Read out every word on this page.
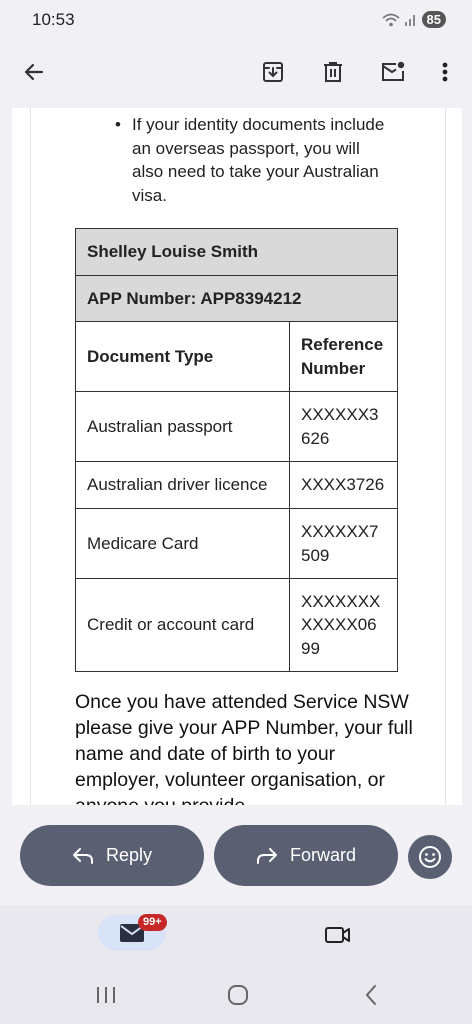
10:53	85
• If your identity documents include an overseas passport, you will also need to take your Australian visa.
Shelley Louise Smith	
APP Number: APP8394212	
Document Type	Reference
Number

Australian passport	XXXXXX3
626

Australian driver licence	XXXX3726

Medicare Card	XXXXXX7
509

Credit or account card	XXXXXXX
XXXXX06
99
Once you have attended Service NSW please give your APP Number, your full name and date of birth to your employer, volunteer organisation, or
Reply	Forward
99+
